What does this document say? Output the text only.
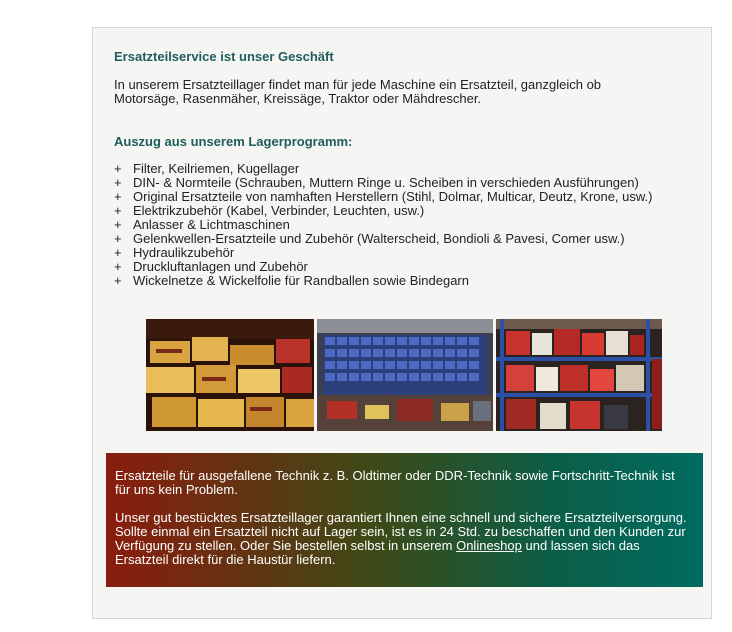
Ersatzteilservice ist unser Geschäft

In unserem Ersatzteillager findet man für jede Maschine ein Ersatzteil, ganzgleich ob
Motorsäge, Rasenmäher, Kreissäge, Traktor oder Mähdrescher.

Auszug aus unserem Lagerprogramm:
+ Filter, Keilriemen, Kugellager
+ DIN- & Normteile (Schrauben, Muttern Ringe u. Scheiben in verschieden Ausführungen)
+ Original Ersatzteile von namhaften Herstellern (Stihl, Dolmar, Multicar, Deutz, Krone, usw.)
+ Elektrikzubehör (Kabel, Verbinder, Leuchten, usw.)
+ Anlasser & Lichtmaschinen
+ Gelenkwellen-Ersatzteile und Zubehör (Walterscheid, Bondioli & Pavesi, Comer usw.)
+ Hydraulikzubehör
+ Druckluftanlagen und Zubehör
+ Wickelnetze & Wickelfolie für Randballen sowie Bindegarn

Ersatzteile für ausgefallene Technik z. B. Oldtimer oder DDR-Technik sowie Fortschritt-Technik ist für uns kein Problem.

Unser gut bestücktes Ersatzteillager garantiert Ihnen eine schnell und sichere Ersatzteilversorgung. Sollte einmal ein Ersatzteil nicht auf Lager sein, ist es in 24 Std. zu beschaffen und den Kunden zur Verfügung zu stellen. Oder Sie bestellen selbst in unserem Onlineshop und lassen sich das Ersatzteil direkt für die Haustür liefern.
